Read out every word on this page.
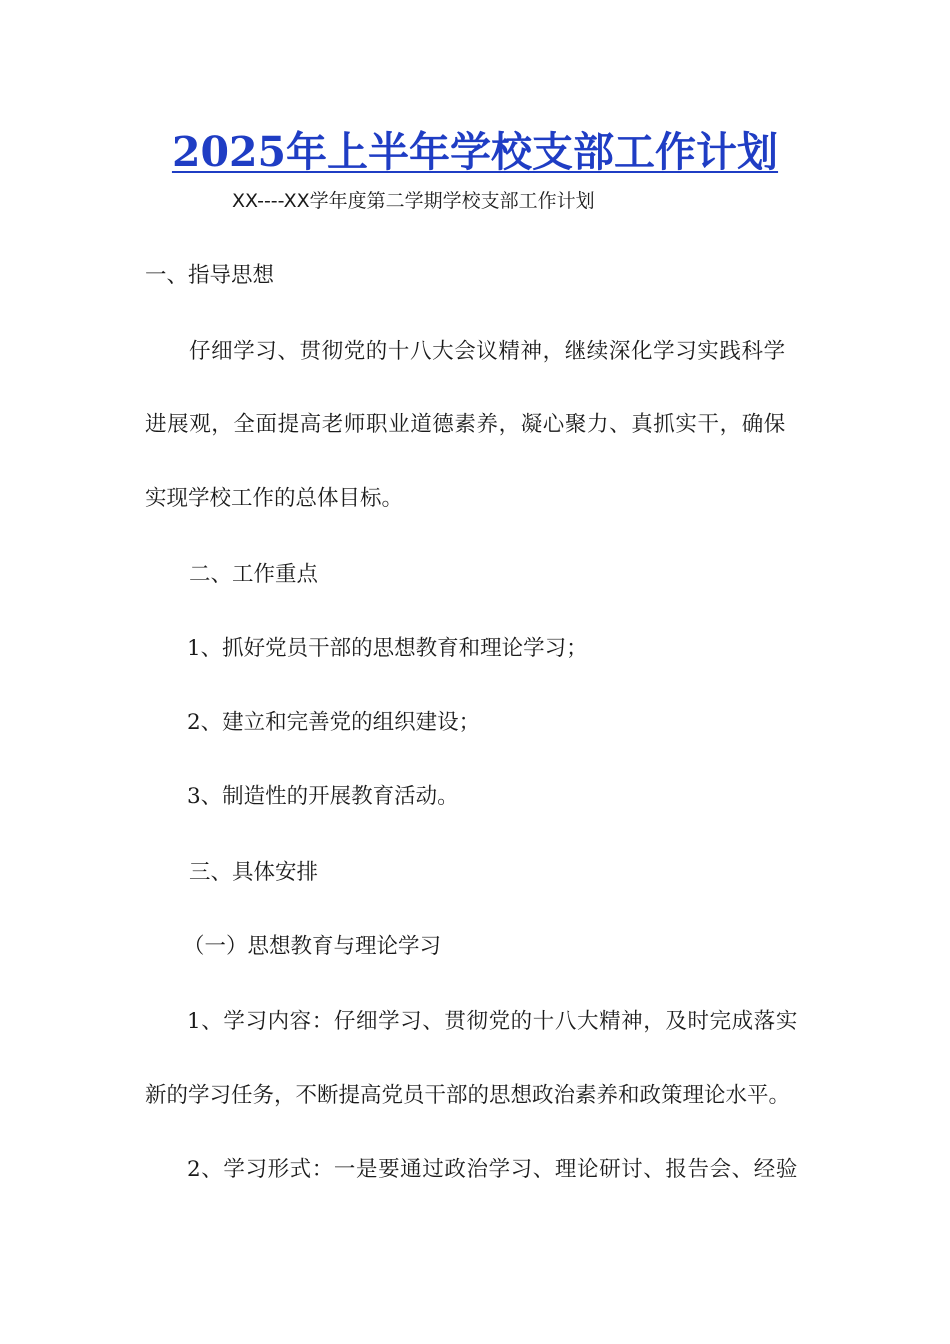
2025年上半年学校支部工作计划
XX----XX学年度第二学期学校支部工作计划
一、指导思想
仔细学习、贯彻党的十八大会议精神，继续深化学习实践科学
进展观，全面提高老师职业道德素养，凝心聚力、真抓实干，确保
实现学校工作的总体目标。
二、工作重点
1、抓好党员干部的思想教育和理论学习；
2、建立和完善党的组织建设；
3、制造性的开展教育活动。
三、具体安排
（一）思想教育与理论学习
1、学习内容：仔细学习、贯彻党的十八大精神，及时完成落实
新的学习任务，不断提高党员干部的思想政治素养和政策理论水平。
2、学习形式：一是要通过政治学习、理论研讨、报告会、经验
